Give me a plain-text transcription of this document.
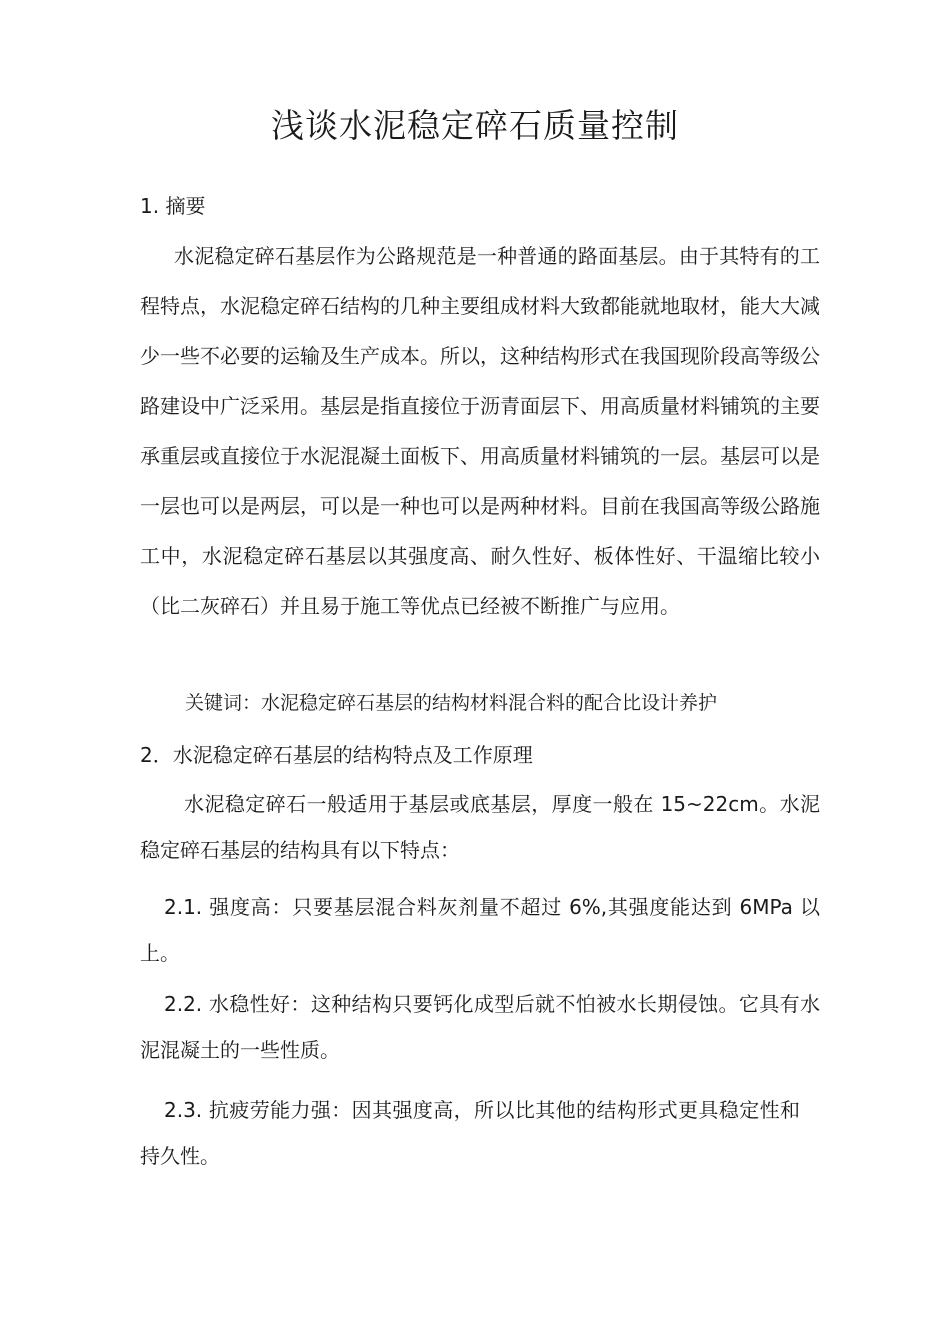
浅谈水泥稳定碎石质量控制
1. 摘要
水泥稳定碎石基层作为公路规范是一种普通的路面基层。由于其特有的工程特点，水泥稳定碎石结构的几种主要组成材料大致都能就地取材，能大大减少一些不必要的运输及生产成本。所以，这种结构形式在我国现阶段高等级公路建设中广泛采用。基层是指直接位于沥青面层下、用高质量材料铺筑的主要承重层或直接位于水泥混凝土面板下、用高质量材料铺筑的一层。基层可以是一层也可以是两层，可以是一种也可以是两种材料。目前在我国高等级公路施工中，水泥稳定碎石基层以其强度高、耐久性好、板体性好、干温缩比较小（比二灰碎石）并且易于施工等优点已经被不断推广与应用。
关键词：水泥稳定碎石基层的结构材料混合料的配合比设计养护
2．水泥稳定碎石基层的结构特点及工作原理
水泥稳定碎石一般适用于基层或底基层，厚度一般在 15~22cm。水泥稳定碎石基层的结构具有以下特点：
2.1. 强度高：只要基层混合料灰剂量不超过 6%,其强度能达到 6MPa 以上。
2.2. 水稳性好：这种结构只要钙化成型后就不怕被水长期侵蚀。它具有水泥混凝土的一些性质。
2.3. 抗疲劳能力强：因其强度高，所以比其他的结构形式更具稳定性和持久性。
